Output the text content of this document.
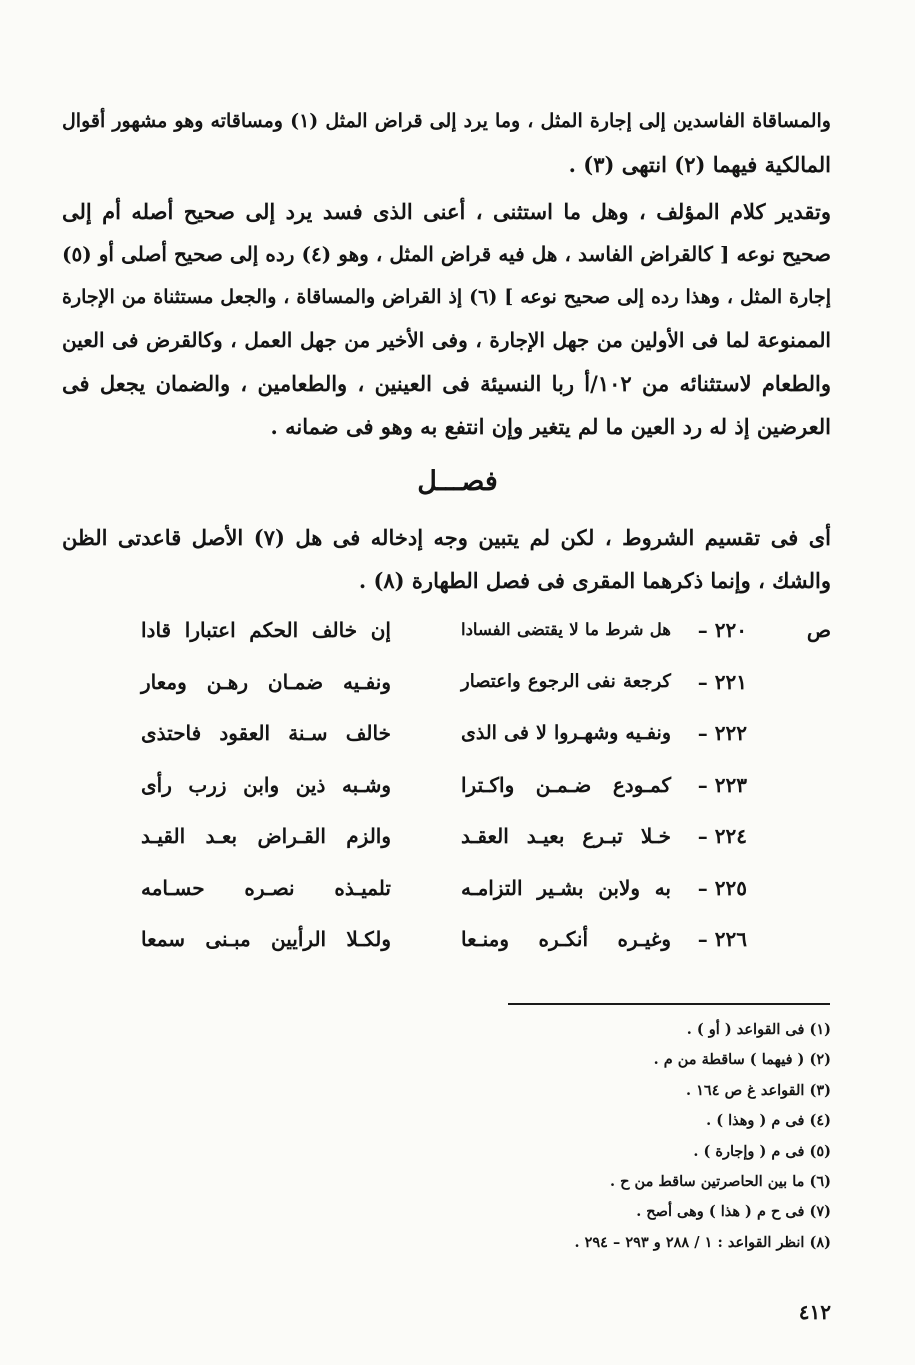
والمساقاة الفاسدين إلى إجارة المثل ، وما يرد إلى قراض المثل (١) ومساقاته وهو مشهور أقوال
المالكية فيهما (٢) انتهى (٣) .
وتقدير كلام المؤلف ، وهل ما استثنى ، أعنى الذى فسد يرد إلى صحيح أصله أم إلى
صحيح نوعه [ كالقراض الفاسد ، هل فيه قراض المثل ، وهو (٤) رده إلى صحيح أصلى أو (٥)
إجارة المثل ، وهذا رده إلى صحيح نوعه ] (٦) إذ القراض والمساقاة ، والجعل مستثناة من الإجارة
الممنوعة لما فى الأولين من جهل الإجارة ، وفى الأخير من جهل العمل ، وكالقرض فى العين
والطعام لاستثنائه من ١٠٢/أ ربا النسيئة فى العينين ، والطعامين ، والضمان يجعل فى
العرضين إذ له رد العين ما لم يتغير وإن انتفع به وهو فى ضمانه .
فصـــل
أى فى تقسيم الشروط ، لكن لم يتبين وجه إدخاله فى هل (٧) الأصل قاعدتى الظن
والشك ، وإنما ذكرهما المقرى فى فصل الطهارة (٨) .
ص
٢٢٠ –
هل شرط ما لا يقتضى الفسادا
إن خالف الحكم اعتبارا قادا
٢٢١ –
كرجعة نفى الرجوع واعتصار
ونفـيه ضمـان رهـن ومعار
٢٢٢ –
ونفـيه وشهـروا لا فى الذى
خالف سـنة العقود فاحتذى
٢٢٣ –
كمـودع ضـمـن واكـترا
وشـبه ذين وابن زرب رأى
٢٢٤ –
خـلا تبـرع بعيـد العقـد
والزم القـراض بعـد القيـد
٢٢٥ –
به ولابن بشـير التزامـه
تلميـذه نصـره حسـامه
٢٢٦ –
وغيـره أنكـره ومنـعا
ولكـلا الرأيين مبـنى سمعا
(١) فى القواعد ( أو ) .
(٢) ( فيهما ) ساقطة من م .
(٣) القواعد غ ص ١٦٤ .
(٤) فى م ( وهذا ) .
(٥) فى م ( وإجارة ) .
(٦) ما بين الحاصرتين ساقط من ح .
(٧) فى ح م ( هذا ) وهى أصح .
(٨) انظر القواعد : ١ / ٢٨٨ و ٢٩٣ – ٢٩٤ .
٤١٢
